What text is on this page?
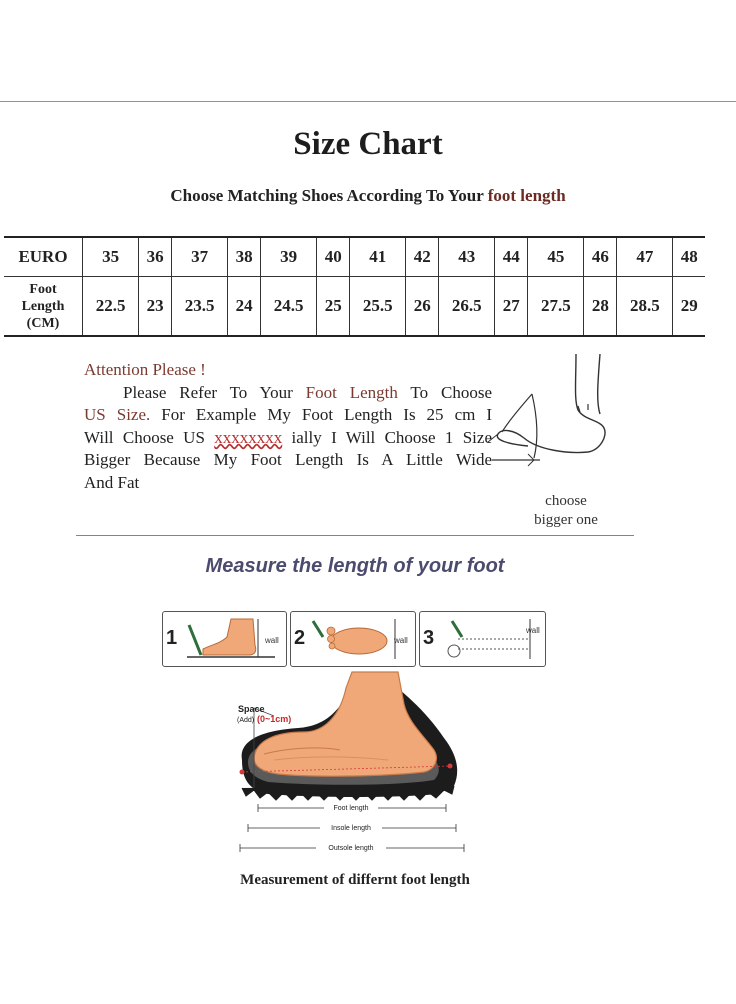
Size Chart
Choose Matching Shoes According To Your foot length
EURO	35	36	37	38	39	40	41	42	43	44	45	46	47	48

Foot
Length
(CM)	22.5	23	23.5	24	24.5	25	25.5	26	26.5	27	27.5	28	28.5	29

Attention Please !

Please Refer To Your Foot Length To Choose

US Size. For Example My Foot Length Is 25 cm I

Will Choose US xxxxxxxx ially I Will Choose 1 Size

Bigger Because My Foot Length Is A Little Wide

And Fat

choose
bigger one
Measure the length of your foot
1	wall 2	wall 3	wall
Space
(Add) (0~1cm)
Foot length
Insole length
Outsole length
Measurement of differnt foot length
